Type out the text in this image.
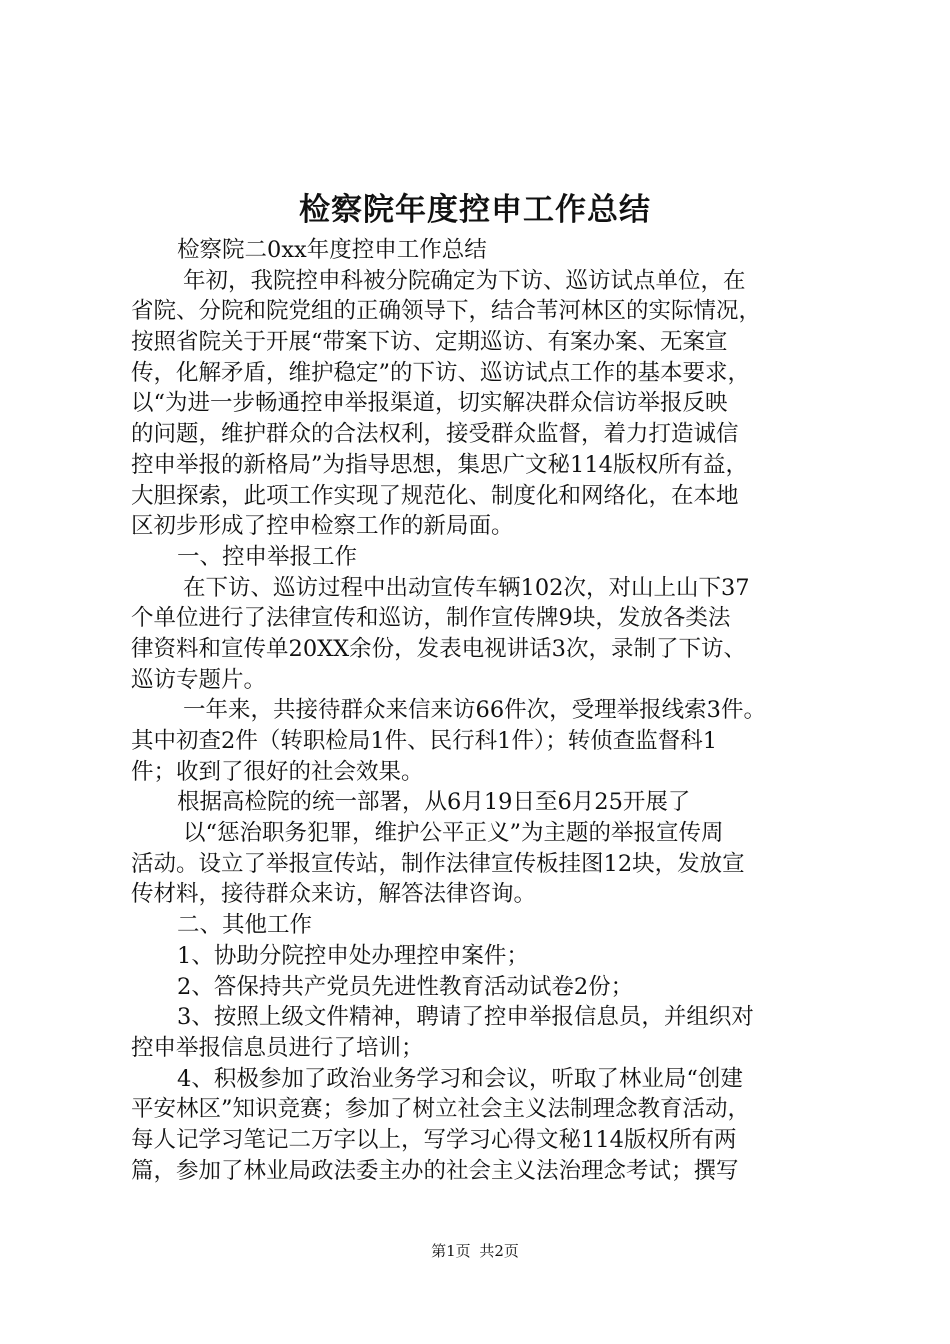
检察院年度控申工作总结
检察院二0xx年度控申工作总结
年初，我院控申科被分院确定为下访、巡访试点单位，在
省院、分院和院党组的正确领导下，结合苇河林区的实际情况，
按照省院关于开展“带案下访、定期巡访、有案办案、无案宣
传，化解矛盾，维护稳定”的下访、巡访试点工作的基本要求，
以“为进一步畅通控申举报渠道，切实解决群众信访举报反映
的问题，维护群众的合法权利，接受群众监督，着力打造诚信
控申举报的新格局”为指导思想，集思广文秘114版权所有益，
大胆探索，此项工作实现了规范化、制度化和网络化，在本地
区初步形成了控申检察工作的新局面。
一、控申举报工作
在下访、巡访过程中出动宣传车辆102次，对山上山下37
个单位进行了法律宣传和巡访，制作宣传牌9块，发放各类法
律资料和宣传单20XX余份，发表电视讲话3次，录制了下访、
巡访专题片。
一年来，共接待群众来信来访66件次，受理举报线索3件。
其中初查2件（转职检局1件、民行科1件）；转侦查监督科1
件；收到了很好的社会效果。
根据高检院的统一部署，从6月19日至6月25开展了
以“惩治职务犯罪，维护公平正义”为主题的举报宣传周
活动。设立了举报宣传站，制作法律宣传板挂图12块，发放宣
传材料，接待群众来访，解答法律咨询。
二、其他工作
1、协助分院控申处办理控申案件；
2、答保持共产党员先进性教育活动试卷2份；
3、按照上级文件精神，聘请了控申举报信息员，并组织对
控申举报信息员进行了培训；
4、积极参加了政治业务学习和会议，听取了林业局“创建
平安林区”知识竞赛；参加了树立社会主义法制理念教育活动，
每人记学习笔记二万字以上，写学习心得文秘114版权所有两
篇，参加了林业局政法委主办的社会主义法治理念考试；撰写
第1页 共2页
